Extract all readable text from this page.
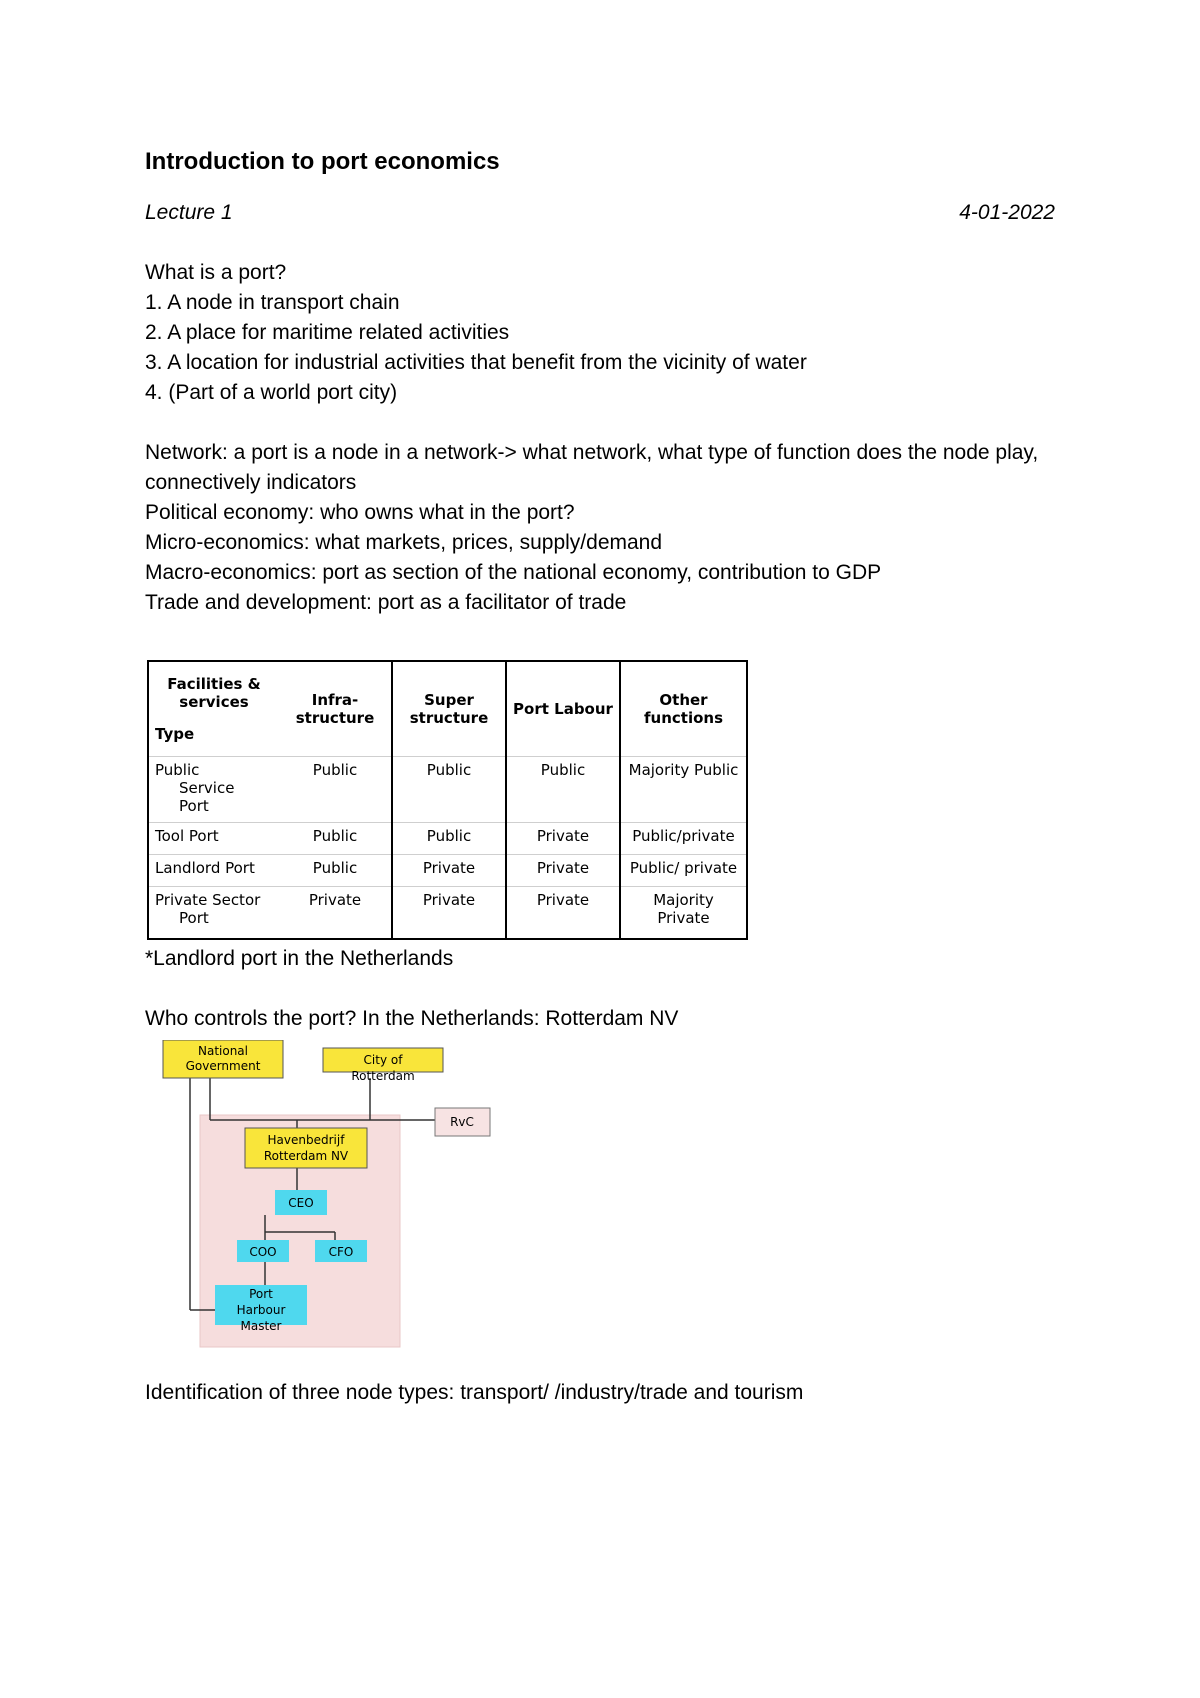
Introduction to port economics

Lecture 1	4-01-2022

What is a port?

1. A node in transport chain

2. A place for maritime related activities

3. A location for industrial activities that benefit from the vicinity of water

4. (Part of a world port city)

Network: a port is a node in a network-> what network, what type of function does the node play, connectively indicators

Political economy: who owns what in the port?

Micro-economics: what markets, prices, supply/demand

Macro-economics: port as section of the national economy, contribution to GDP

Trade and development: port as a facilitator of trade

Facilities & services
Type	Infra-structure	Super structure	Port Labour	Other functions
Public
Service
Port	Public	Public	Public	Majority Public
Tool Port	Public	Public	Private	Public/private
Landlord Port	Public	Private	Private	Public/ private
Private Sector
Port	Private	Private	Private	Majority Private
*Landlord port in the Netherlands
Who controls the port? In the Netherlands: Rotterdam NV
National
Government	City of
Rotterdam
RvC
Havenbedrijf
Rotterdam NV
CEO
COO	CFO
Port
Harbour
Master
Identification of three node types: transport/ /industry/trade and tourism
